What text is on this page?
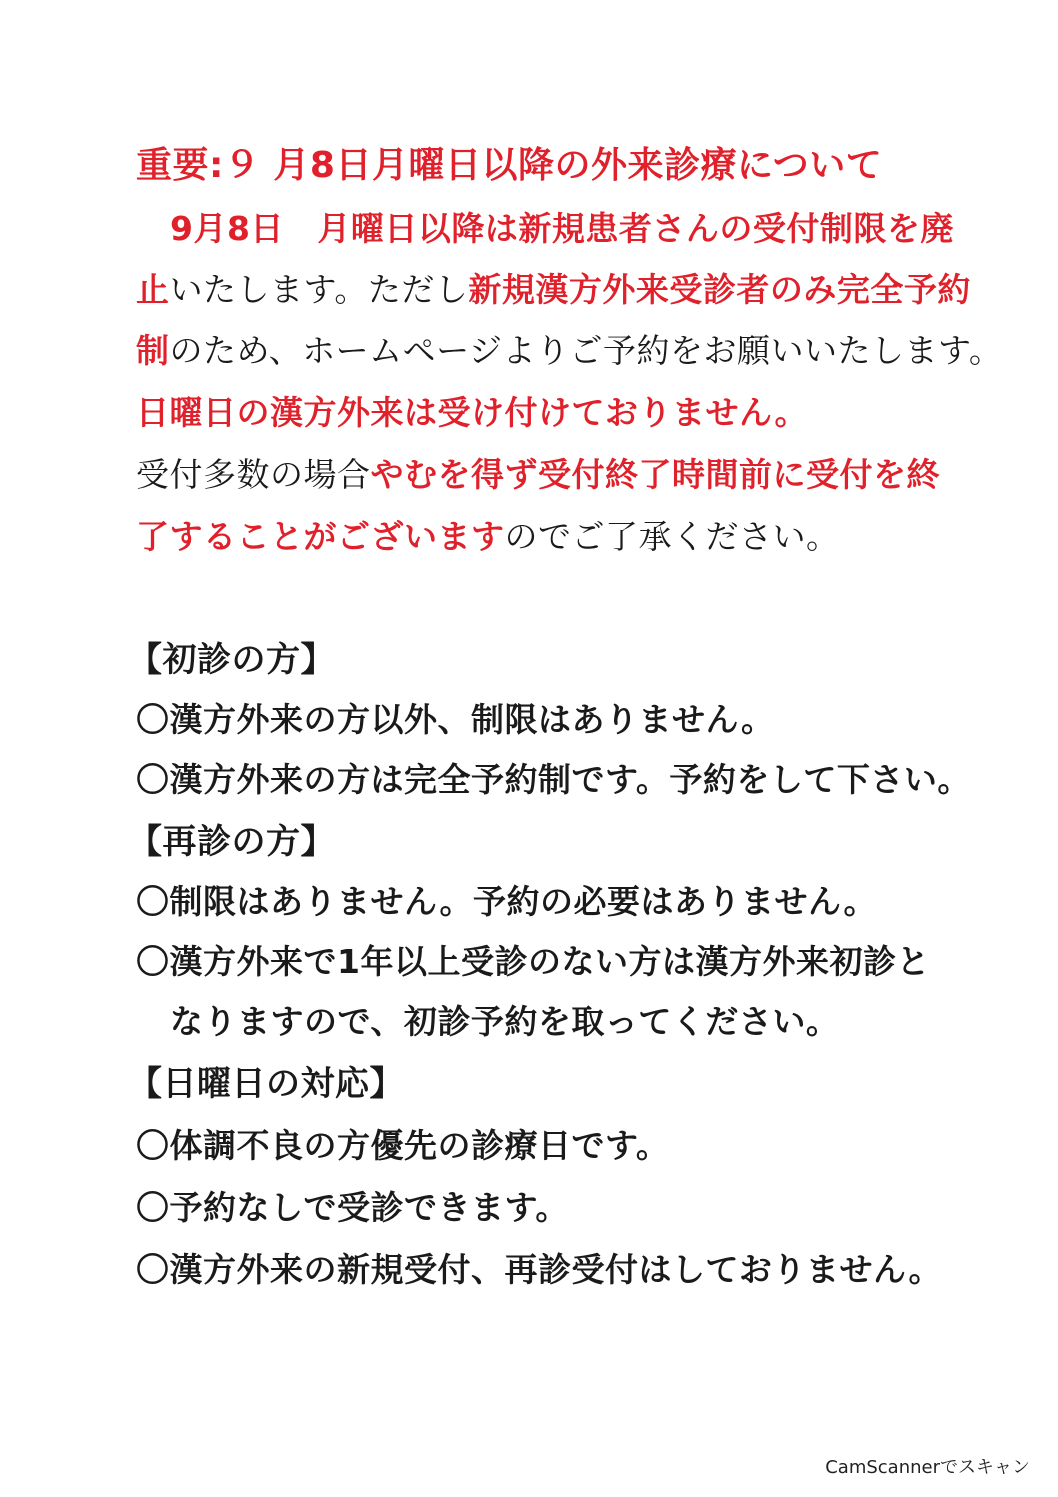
重要:９ 月8日月曜日以降の外来診療について
9月8日　月曜日以降は新規患者さんの受付制限を廃
止いたします。ただし新規漢方外来受診者のみ完全予約
制のため、ホームページよりご予約をお願いいたします。
日曜日の漢方外来は受け付けておりません。
受付多数の場合やむを得ず受付終了時間前に受付を終
了することがございますのでご了承ください。
【初診の方】
〇漢方外来の方以外、制限はありません。
〇漢方外来の方は完全予約制です。予約をして下さい。
【再診の方】
〇制限はありません。予約の必要はありません。
〇漢方外来で1年以上受診のない方は漢方外来初診と
なりますので、初診予約を取ってください。
【日曜日の対応】
〇体調不良の方優先の診療日です。
〇予約なしで受診できます。
〇漢方外来の新規受付、再診受付はしておりません。
CamScannerでスキャン
